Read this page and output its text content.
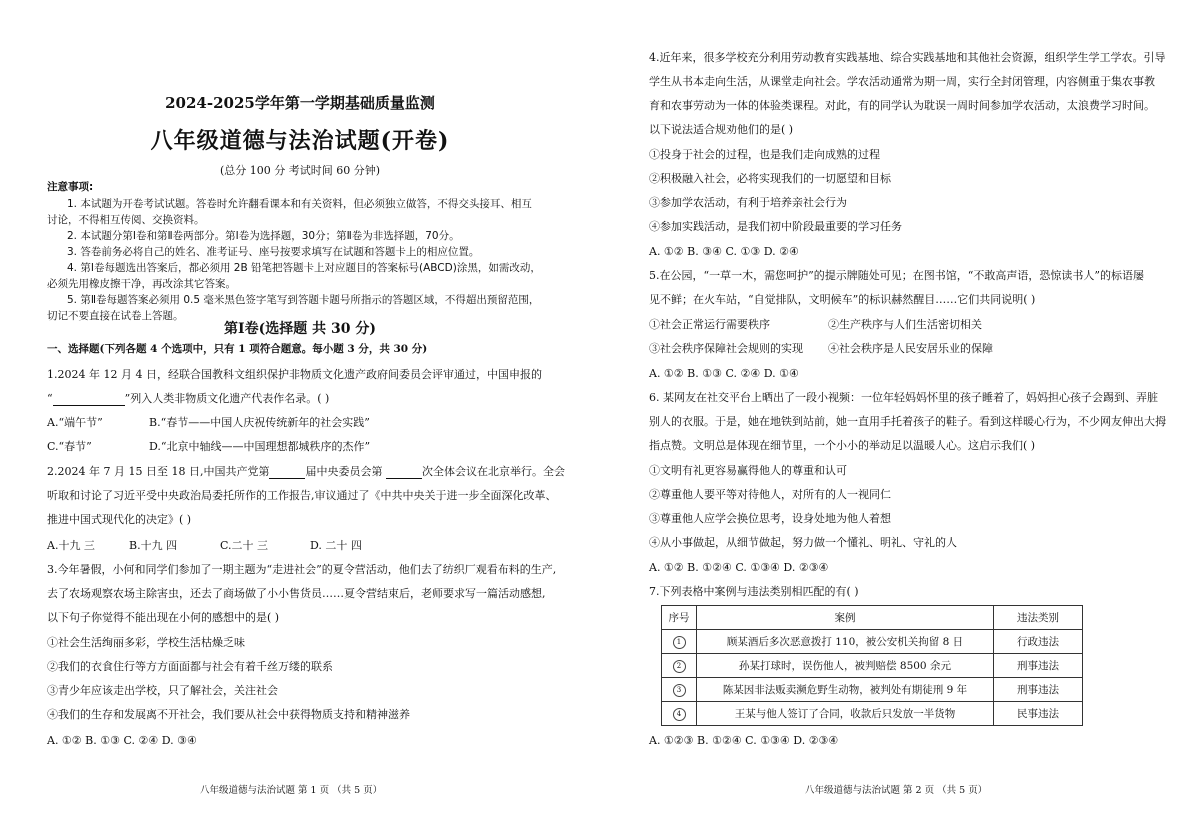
2024-2025学年第一学期基础质量监测
八年级道德与法治试题(开卷)
(总分 100 分 考试时间 60 分钟)
注意事项:
1. 本试题为开卷考试试题。答卷时允许翻看课本和有关资料，但必须独立做答，不得交头接耳、相互
讨论，不得相互传阅、交换资料。
2. 本试题分第Ⅰ卷和第Ⅱ卷两部分。第Ⅰ卷为选择题，30分；第Ⅱ卷为非选择题，70分。
3. 答卷前务必将自己的姓名、准考证号、座号按要求填写在试题和答题卡上的相应位置。
4. 第Ⅰ卷每题选出答案后，都必须用 2B 铅笔把答题卡上对应题目的答案标号(ABCD)涂黑，如需改动，
必须先用橡皮擦干净，再改涂其它答案。
5. 第Ⅱ卷每题答案必须用 0.5 毫米黑色签字笔写到答题卡题号所指示的答题区域，不得超出预留范围，
切记不要直接在试卷上答题。
第Ⅰ卷(选择题 共 30 分)
一、选择题(下列各题 4 个选项中，只有 1 项符合题意。每小题 3 分，共 30 分)
1.2024 年 12 月 4 日，经联合国教科文组织保护非物质文化遗产政府间委员会评审通过，中国申报的
“	”列入人类非物质文化遗产代表作名录。( )
A.“端午节”	B.“春节——中国人庆祝传统新年的社会实践”
C.“春节”	D.“北京中轴线——中国理想都城秩序的杰作”
2.2024 年 7 月 15 日至 18 日,中国共产党第	届中央委员会第	次全体会议在北京举行。全会
听取和讨论了习近平受中央政治局委托所作的工作报告,审议通过了《中共中央关于进一步全面深化改革、
推进中国式现代化的决定》( )
A.十九 三	B.十九 四	C.二十 三	D. 二十 四
3.今年暑假，小何和同学们参加了一期主题为“走进社会”的夏令营活动，他们去了纺织厂观看布料的生产,
去了农场观察农场主除害虫，还去了商场做了小小售货员……夏令营结束后，老师要求写一篇活动感想,
以下句子你觉得不能出现在小何的感想中的是( )
①社会生活绚丽多彩，学校生活枯燥乏味
②我们的衣食住行等方方面面都与社会有着千丝万缕的联系
③青少年应该走出学校，只了解社会，关注社会
④我们的生存和发展离不开社会，我们要从社会中获得物质支持和精神滋养
A. ①② B. ①③ C. ②④ D. ③④
八年级道德与法治试题 第 1 页 （共 5 页）
4.近年来，很多学校充分利用劳动教育实践基地、综合实践基地和其他社会资源，组织学生学工学农。引导
学生从书本走向生活，从课堂走向社会。学农活动通常为期一周，实行全封闭管理，内容侧重于集农事教
育和农事劳动为一体的体验类课程。对此，有的同学认为耽误一周时间参加学农活动，太浪费学习时间。
以下说法适合规劝他们的是( )
①投身于社会的过程，也是我们走向成熟的过程
②积极融入社会，必将实现我们的一切愿望和目标
③参加学农活动，有利于培养亲社会行为
④参加实践活动，是我们初中阶段最重要的学习任务
A. ①② B. ③④ C. ①③ D. ②④
5.在公园，“一草一木，需您呵护”的提示牌随处可见；在图书馆，“不敢高声语，恐惊读书人”的标语屡
见不鲜；在火车站，“自觉排队，文明候车”的标识赫然醒目……它们共同说明( )
①社会正常运行需要秩序	②生产秩序与人们生活密切相关
③社会秩序保障社会规则的实现 ④社会秩序是人民安居乐业的保障
A. ①② B. ①③ C. ②④ D. ①④
6. 某网友在社交平台上晒出了一段小视频：一位年轻妈妈怀里的孩子睡着了，妈妈担心孩子会踢到、弄脏
别人的衣服。于是，她在地铁到站前，她一直用手托着孩子的鞋子。看到这样暖心行为，不少网友伸出大拇
指点赞。文明总是体现在细节里，一个小小的举动足以温暖人心。这启示我们( )
①文明有礼更容易赢得他人的尊重和认可
②尊重他人要平等对待他人，对所有的人一视同仁
③尊重他人应学会换位思考，设身处地为他人着想
④从小事做起，从细节做起，努力做一个懂礼、明礼、守礼的人
A. ①② B. ①②④ C. ①③④ D. ②③④
7.下列表格中案例与违法类别相匹配的有( )
序号	案例	违法类别
1	顾某酒后多次恶意拨打 110，被公安机关拘留 8 日	行政违法
2	孙某打球时，误伤他人，被判赔偿 8500 余元	刑事违法
3	陈某因非法贩卖濒危野生动物，被判处有期徒刑 9 年	刑事违法
4	王某与他人签订了合同，收款后只发放一半货物	民事违法
A. ①②③ B. ①②④ C. ①③④ D. ②③④
八年级道德与法治试题 第 2 页 （共 5 页）
